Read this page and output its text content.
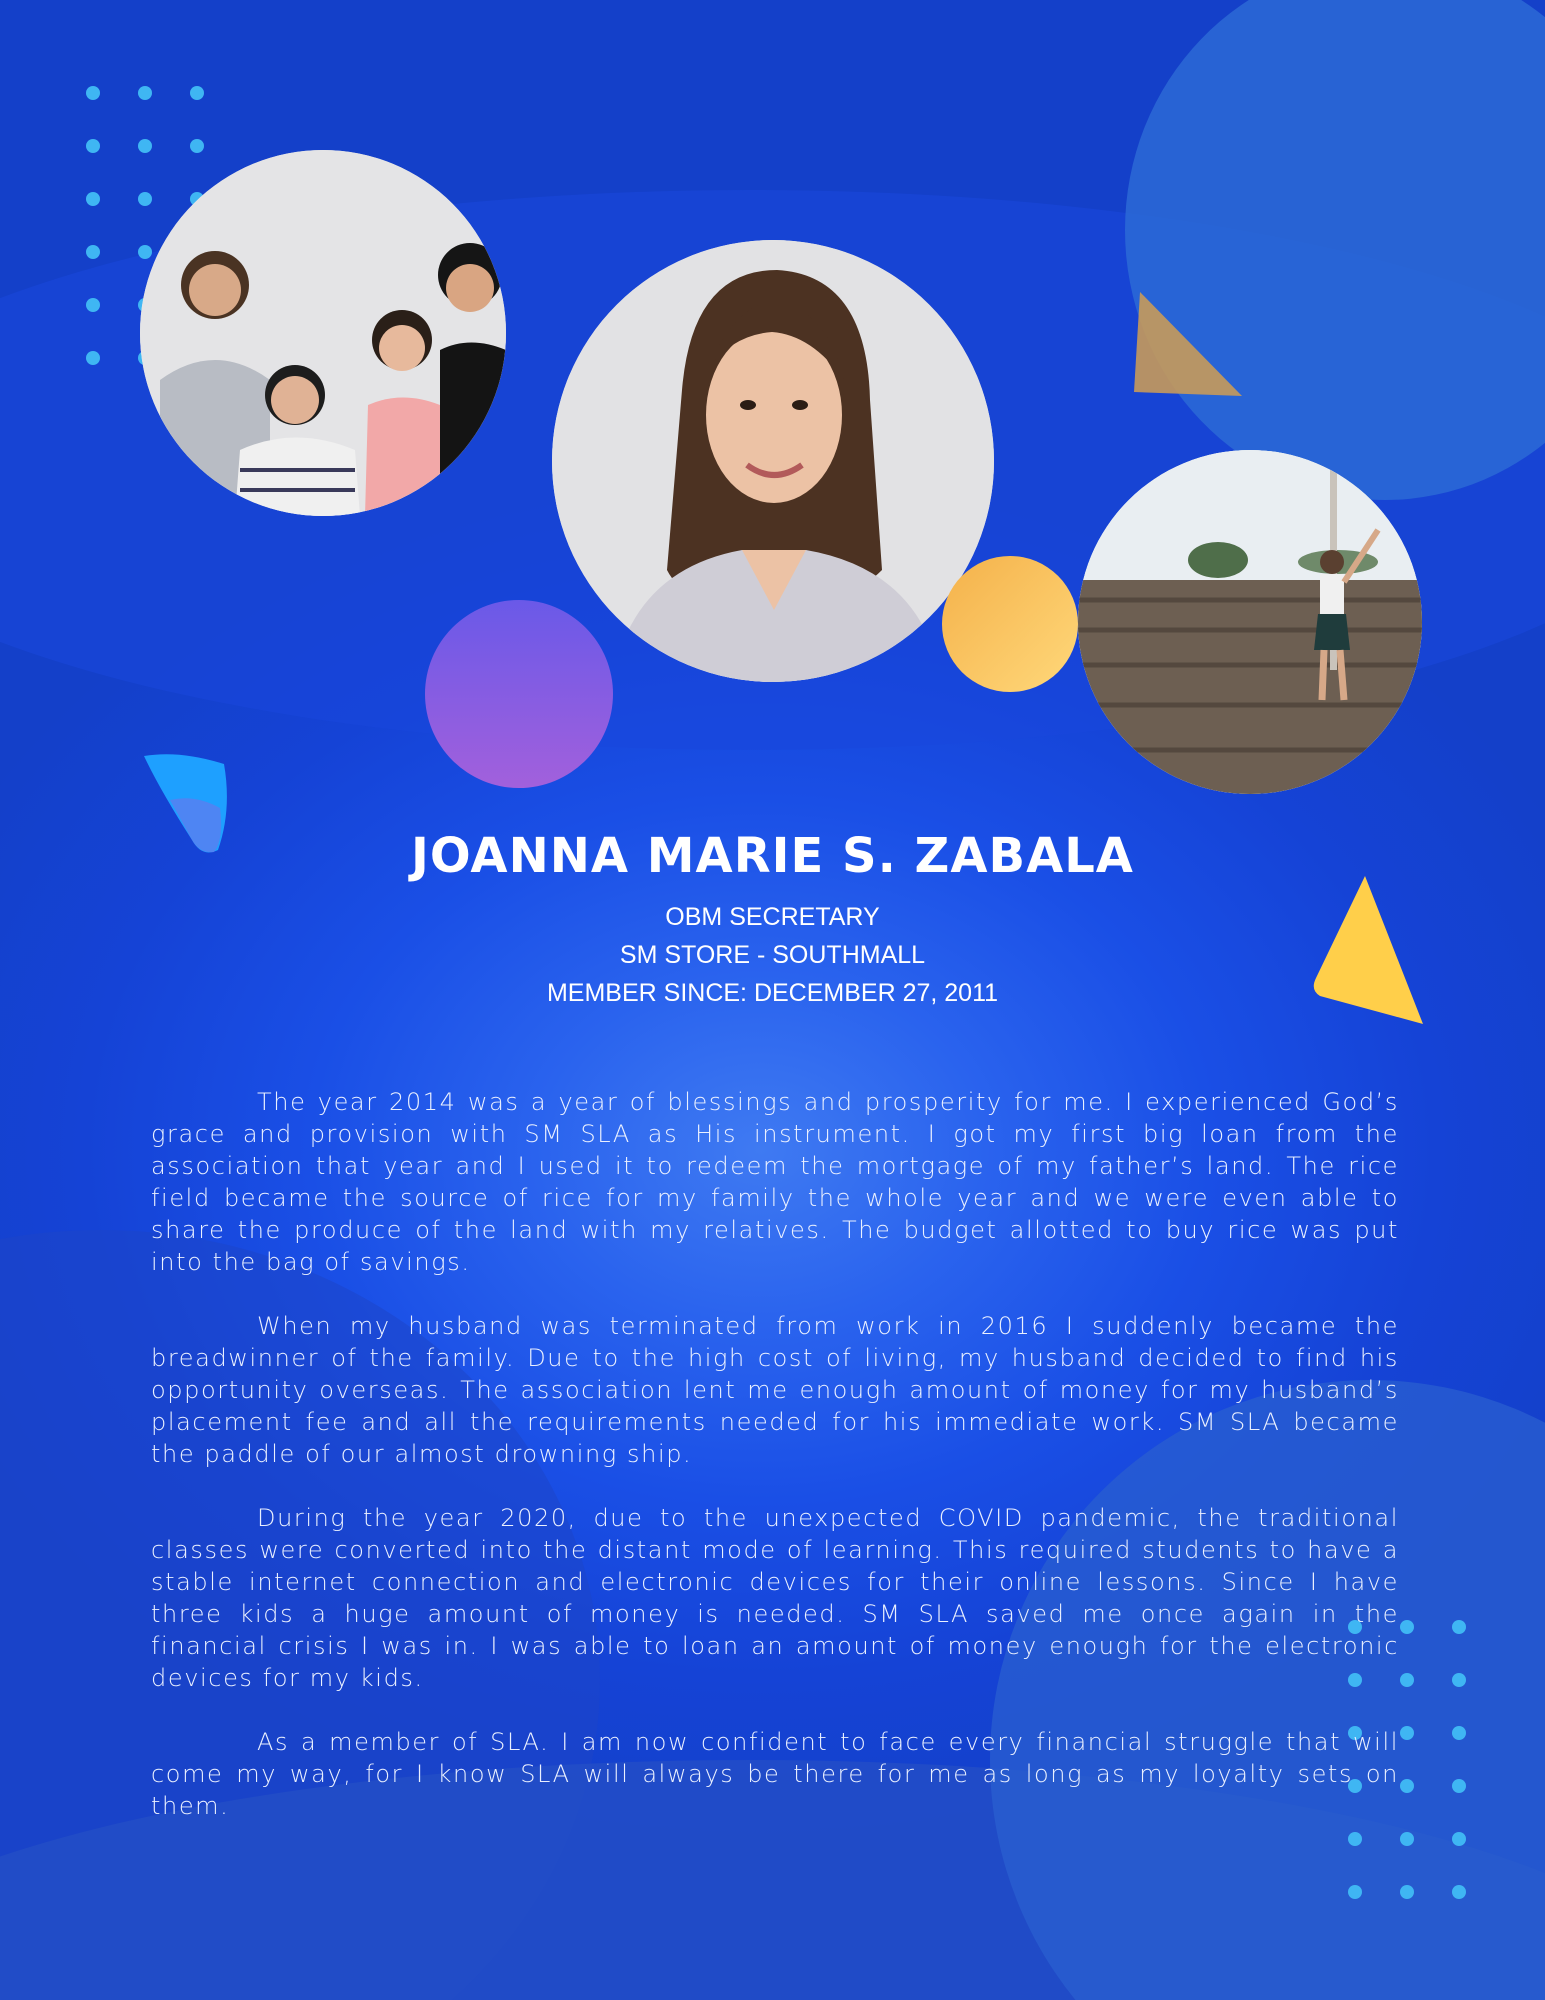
JOANNA MARIE S. ZABALA

OBM SECRETARY

SM STORE - SOUTHMALL

MEMBER SINCE: DECEMBER 27, 2011

The year 2014 was a year of blessings and prosperity for me. I experienced God’s grace and provision with SM SLA as His instrument. I got my first big loan from the association that year and I used it to redeem the mortgage of my father’s land. The rice field became the source of rice for my family the whole year and we were even able to share the produce of the land with my relatives. The budget allotted to buy rice was put into the bag of savings.

When my husband was terminated from work in 2016 I suddenly became the breadwinner of the family. Due to the high cost of living, my husband decided to find his opportunity overseas. The association lent me enough amount of money for my husband’s placement fee and all the requirements needed for his immediate work. SM SLA became the paddle of our almost drowning ship.

During the year 2020, due to the unexpected COVID pandemic, the traditional classes were converted into the distant mode of learning. This required students to have a stable internet connection and electronic devices for their online lessons. Since I have three kids a huge amount of money is needed. SM SLA saved me once again in the financial crisis I was in. I was able to loan an amount of money enough for the electronic devices for my kids.

As a member of SLA. I am now confident to face every financial struggle that will come my way, for I know SLA will always be there for me as long as my loyalty sets on them.
